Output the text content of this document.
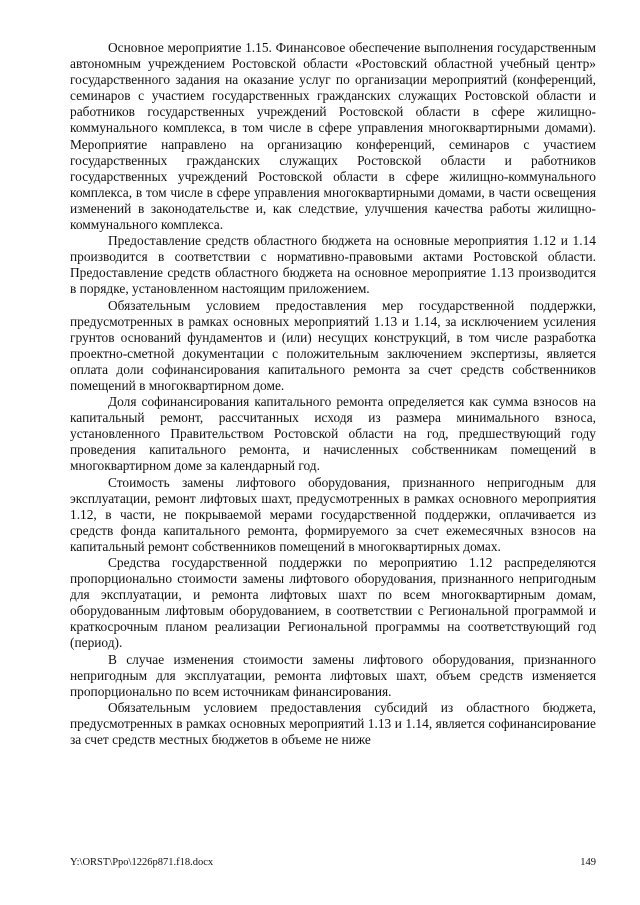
Основное мероприятие 1.15. Финансовое обеспечение выполнения государственным автономным учреждением Ростовской области «Ростовский областной учебный центр» государственного задания на оказание услуг по организации мероприятий (конференций, семинаров с участием государственных гражданских служащих Ростовской области и работников государственных учреждений Ростовской области в сфере жилищно-коммунального комплекса, в том числе в сфере управления многоквартирными домами). Мероприятие направлено на организацию конференций, семинаров с участием государственных гражданских служащих Ростовской области и работников государственных учреждений Ростовской области в сфере жилищно-коммунального комплекса, в том числе в сфере управления многоквартирными домами, в части освещения изменений в законодательстве и, как следствие, улучшения качества работы жилищно-коммунального комплекса.

Предоставление средств областного бюджета на основные мероприятия 1.12 и 1.14 производится в соответствии с нормативно-правовыми актами Ростовской области. Предоставление средств областного бюджета на основное мероприятие 1.13 производится в порядке, установленном настоящим приложением.

Обязательным условием предоставления мер государственной поддержки, предусмотренных в рамках основных мероприятий 1.13 и 1.14, за исключением усиления грунтов оснований фундаментов и (или) несущих конструкций, в том числе разработка проектно-сметной документации с положительным заключением экспертизы, является оплата доли софинансирования капитального ремонта за счет средств собственников помещений в многоквартирном доме.

Доля софинансирования капитального ремонта определяется как сумма взносов на капитальный ремонт, рассчитанных исходя из размера минимального взноса, установленного Правительством Ростовской области на год, предшествующий году проведения капитального ремонта, и начисленных собственникам помещений в многоквартирном доме за календарный год.

Стоимость замены лифтового оборудования, признанного непригодным для эксплуатации, ремонт лифтовых шахт, предусмотренных в рамках основного мероприятия 1.12, в части, не покрываемой мерами государственной поддержки, оплачивается из средств фонда капитального ремонта, формируемого за счет ежемесячных взносов на капитальный ремонт собственников помещений в многоквартирных домах.

Средства государственной поддержки по мероприятию 1.12 распределяются пропорционально стоимости замены лифтового оборудования, признанного непригодным для эксплуатации, и ремонта лифтовых шахт по всем многоквартирным домам, оборудованным лифтовым оборудованием, в соответствии с Региональной программой и краткосрочным планом реализации Региональной программы на соответствующий год (период).

В случае изменения стоимости замены лифтового оборудования, признанного непригодным для эксплуатации, ремонта лифтовых шахт, объем средств изменяется пропорционально по всем источникам финансирования.

Обязательным условием предоставления субсидий из областного бюджета, предусмотренных в рамках основных мероприятий 1.13 и 1.14, является софинансирование за счет средств местных бюджетов в объеме не ниже

Y:\ORST\Ppo\1226p871.f18.docx	149
